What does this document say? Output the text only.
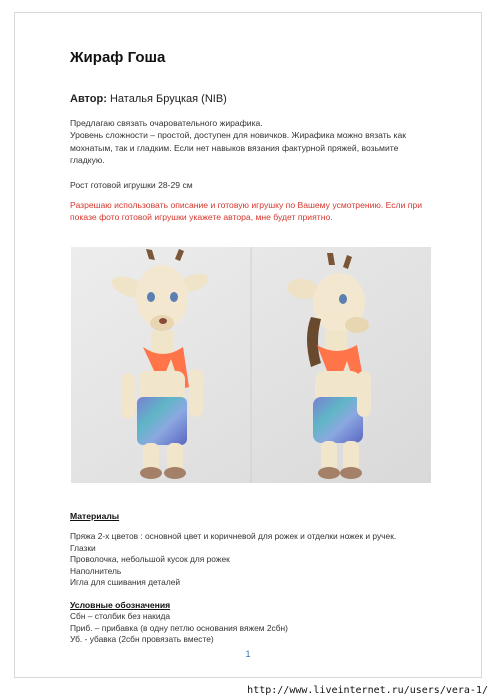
Жираф Гоша
Автор: Наталья Бруцкая (NIB)
Предлагаю связать очаровательного жирафика.
Уровень сложности – простой, доступен для новичков. Жирафика можно вязать как
мохнатым, так и гладким. Если нет навыков вязания фактурной пряжей, возьмите
гладкую.
Рост готовой игрушки 28-29 см
Разрешаю использовать описание и готовую игрушку по Вашему усмотрению. Если при
показе фото готовой игрушки укажете автора, мне будет приятно.
Материалы
Пряжа 2-х цветов : основной цвет и коричневой для рожек и отделки ножек и ручек.
Глазки
Проволочка, небольшой кусок для рожек
Наполнитель
Игла для сшивания деталей
Условные обозначения
Сбн – столбик без накида
Приб. – прибавка (в одну петлю основания вяжем 2сбн)
Уб. - убавка (2сбн провязать вместе)
1
http://www.liveinternet.ru/users/vera-1/
